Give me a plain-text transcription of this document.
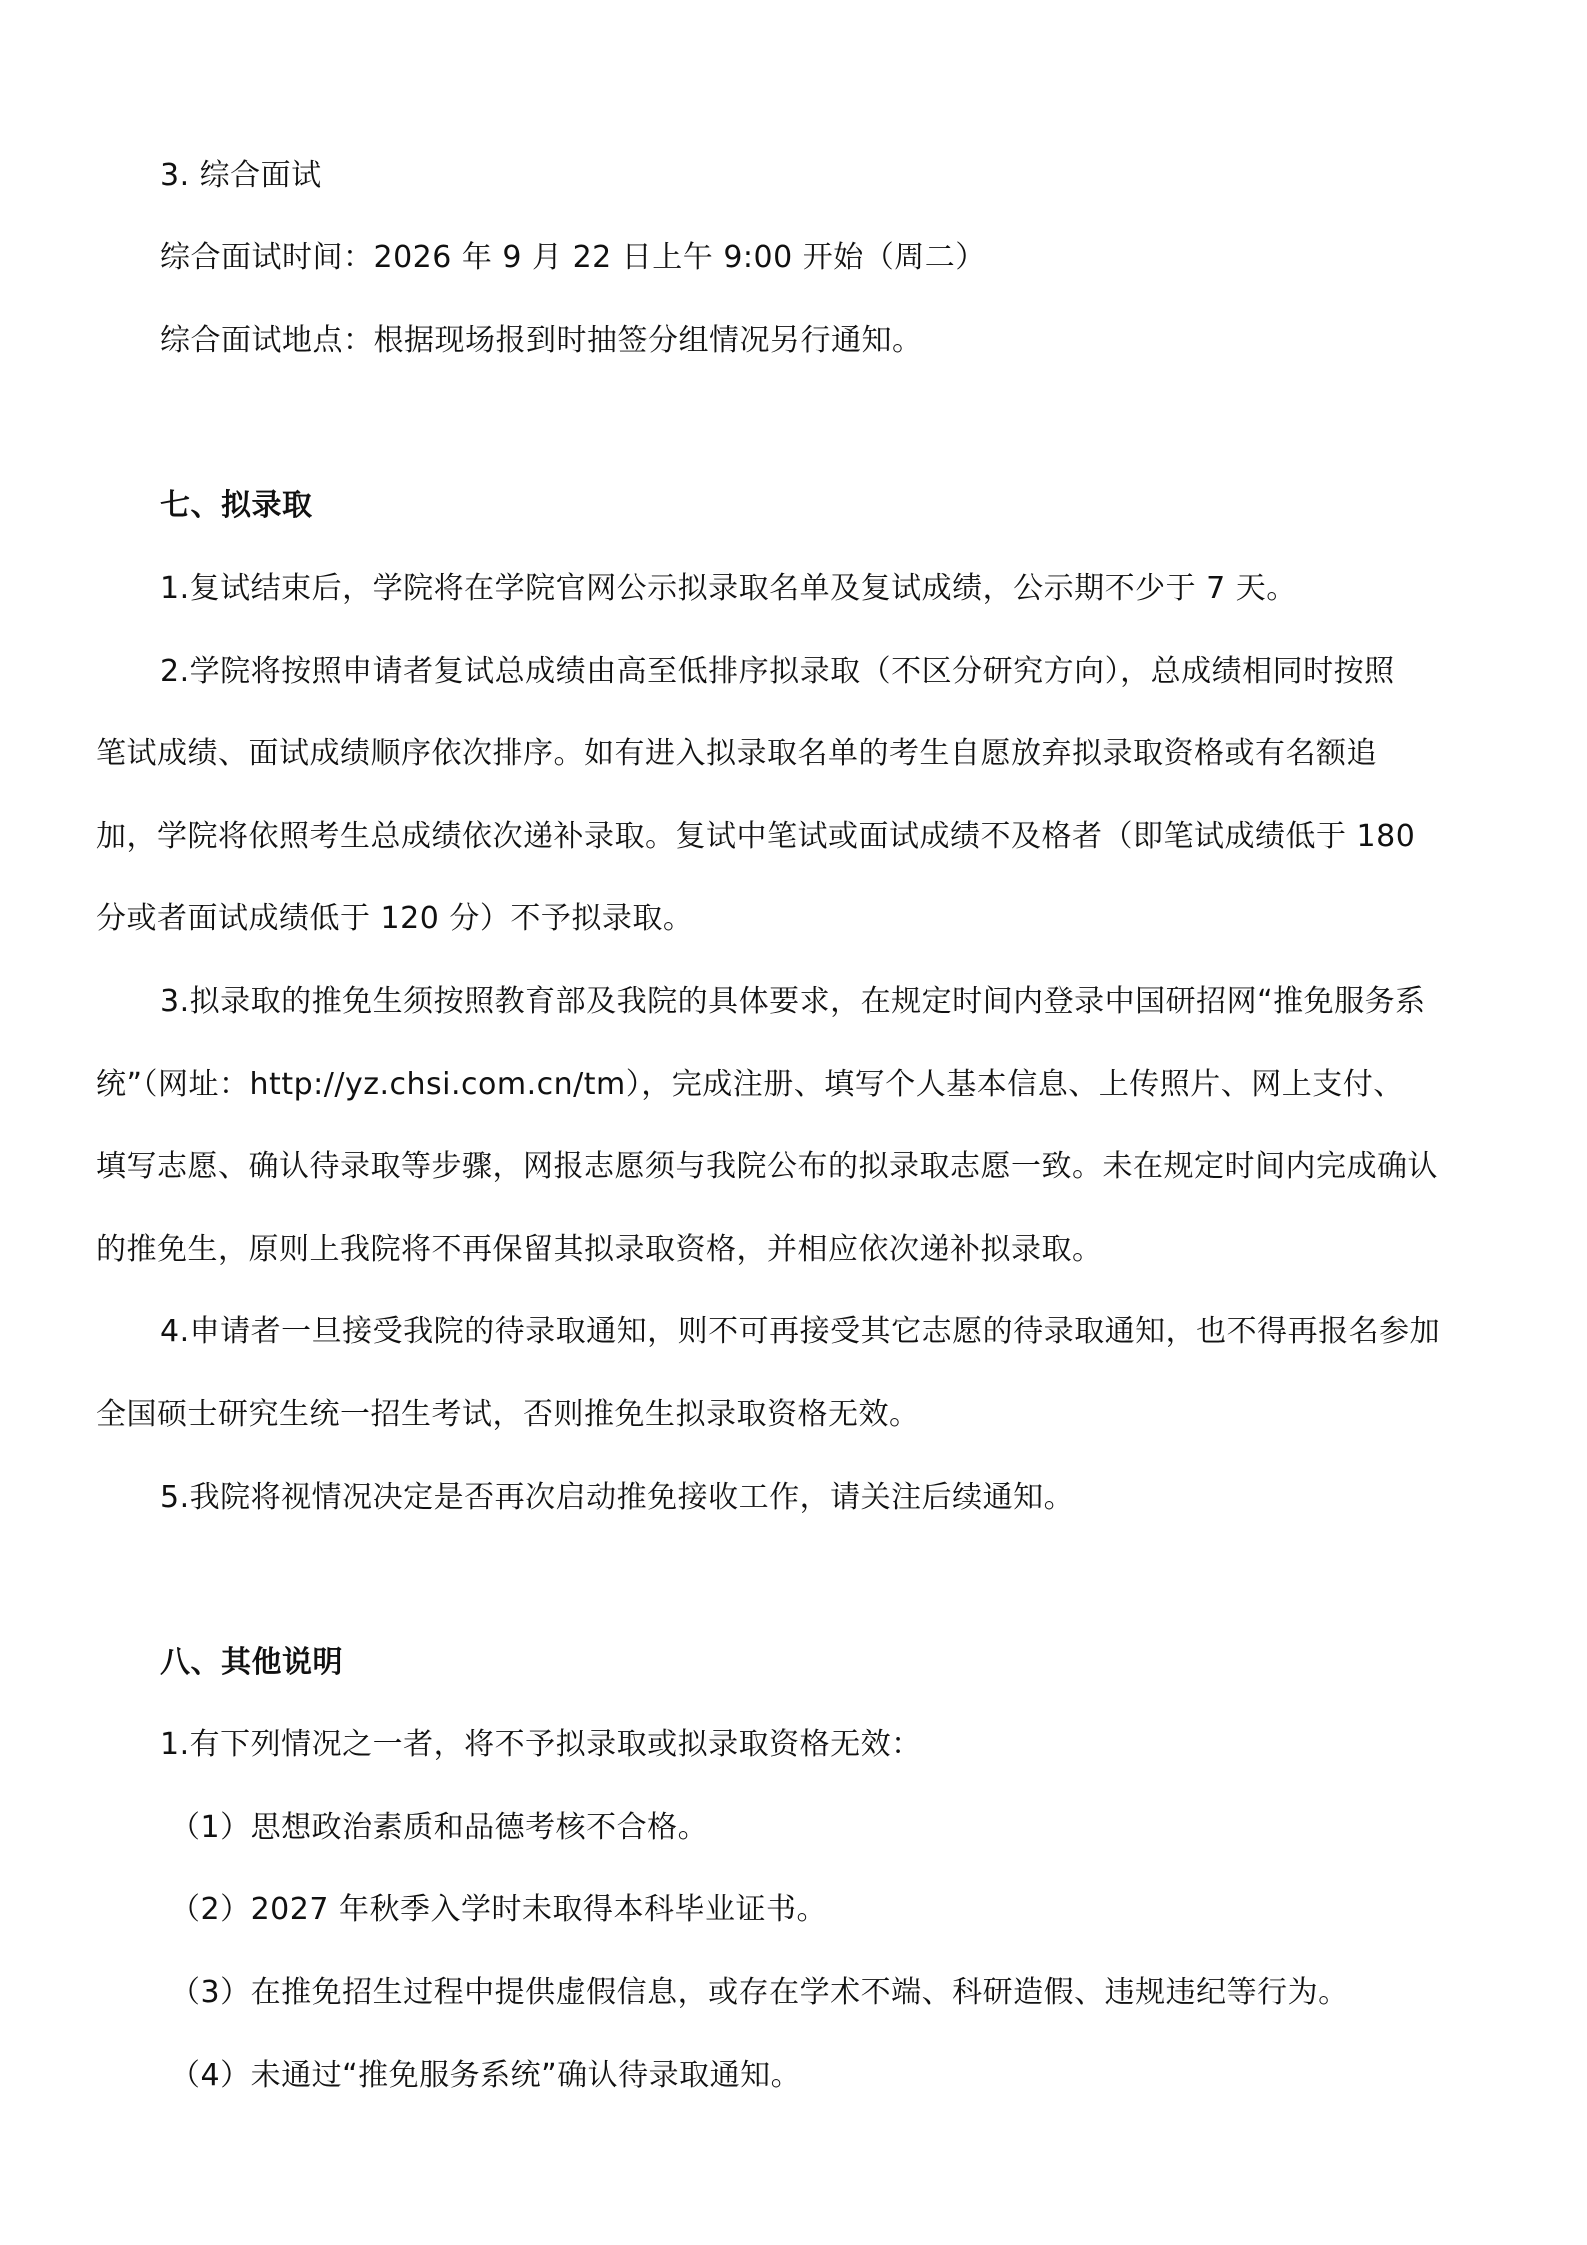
3. 综合面试
综合面试时间：2026 年 9 月 22 日上午 9:00 开始（周二）
综合面试地点：根据现场报到时抽签分组情况另行通知。
七、拟录取
1.复试结束后，学院将在学院官网公示拟录取名单及复试成绩，公示期不少于 7 天。
2.学院将按照申请者复试总成绩由高至低排序拟录取（不区分研究方向），总成绩相同时按照
笔试成绩、面试成绩顺序依次排序。如有进入拟录取名单的考生自愿放弃拟录取资格或有名额追
加，学院将依照考生总成绩依次递补录取。复试中笔试或面试成绩不及格者（即笔试成绩低于 180
分或者面试成绩低于 120 分）不予拟录取。
3.拟录取的推免生须按照教育部及我院的具体要求，在规定时间内登录中国研招网“推免服务系
统”（网址：http://yz.chsi.com.cn/tm），完成注册、填写个人基本信息、上传照片、网上支付、
填写志愿、确认待录取等步骤，网报志愿须与我院公布的拟录取志愿一致。未在规定时间内完成确认
的推免生，原则上我院将不再保留其拟录取资格，并相应依次递补拟录取。
4.申请者一旦接受我院的待录取通知，则不可再接受其它志愿的待录取通知，也不得再报名参加
全国硕士研究生统一招生考试，否则推免生拟录取资格无效。
5.我院将视情况决定是否再次启动推免接收工作，请关注后续通知。
八、其他说明
1.有下列情况之一者，将不予拟录取或拟录取资格无效：
（1）思想政治素质和品德考核不合格。
（2）2027 年秋季入学时未取得本科毕业证书。
（3）在推免招生过程中提供虚假信息，或存在学术不端、科研造假、违规违纪等行为。
（4）未通过“推免服务系统”确认待录取通知。
